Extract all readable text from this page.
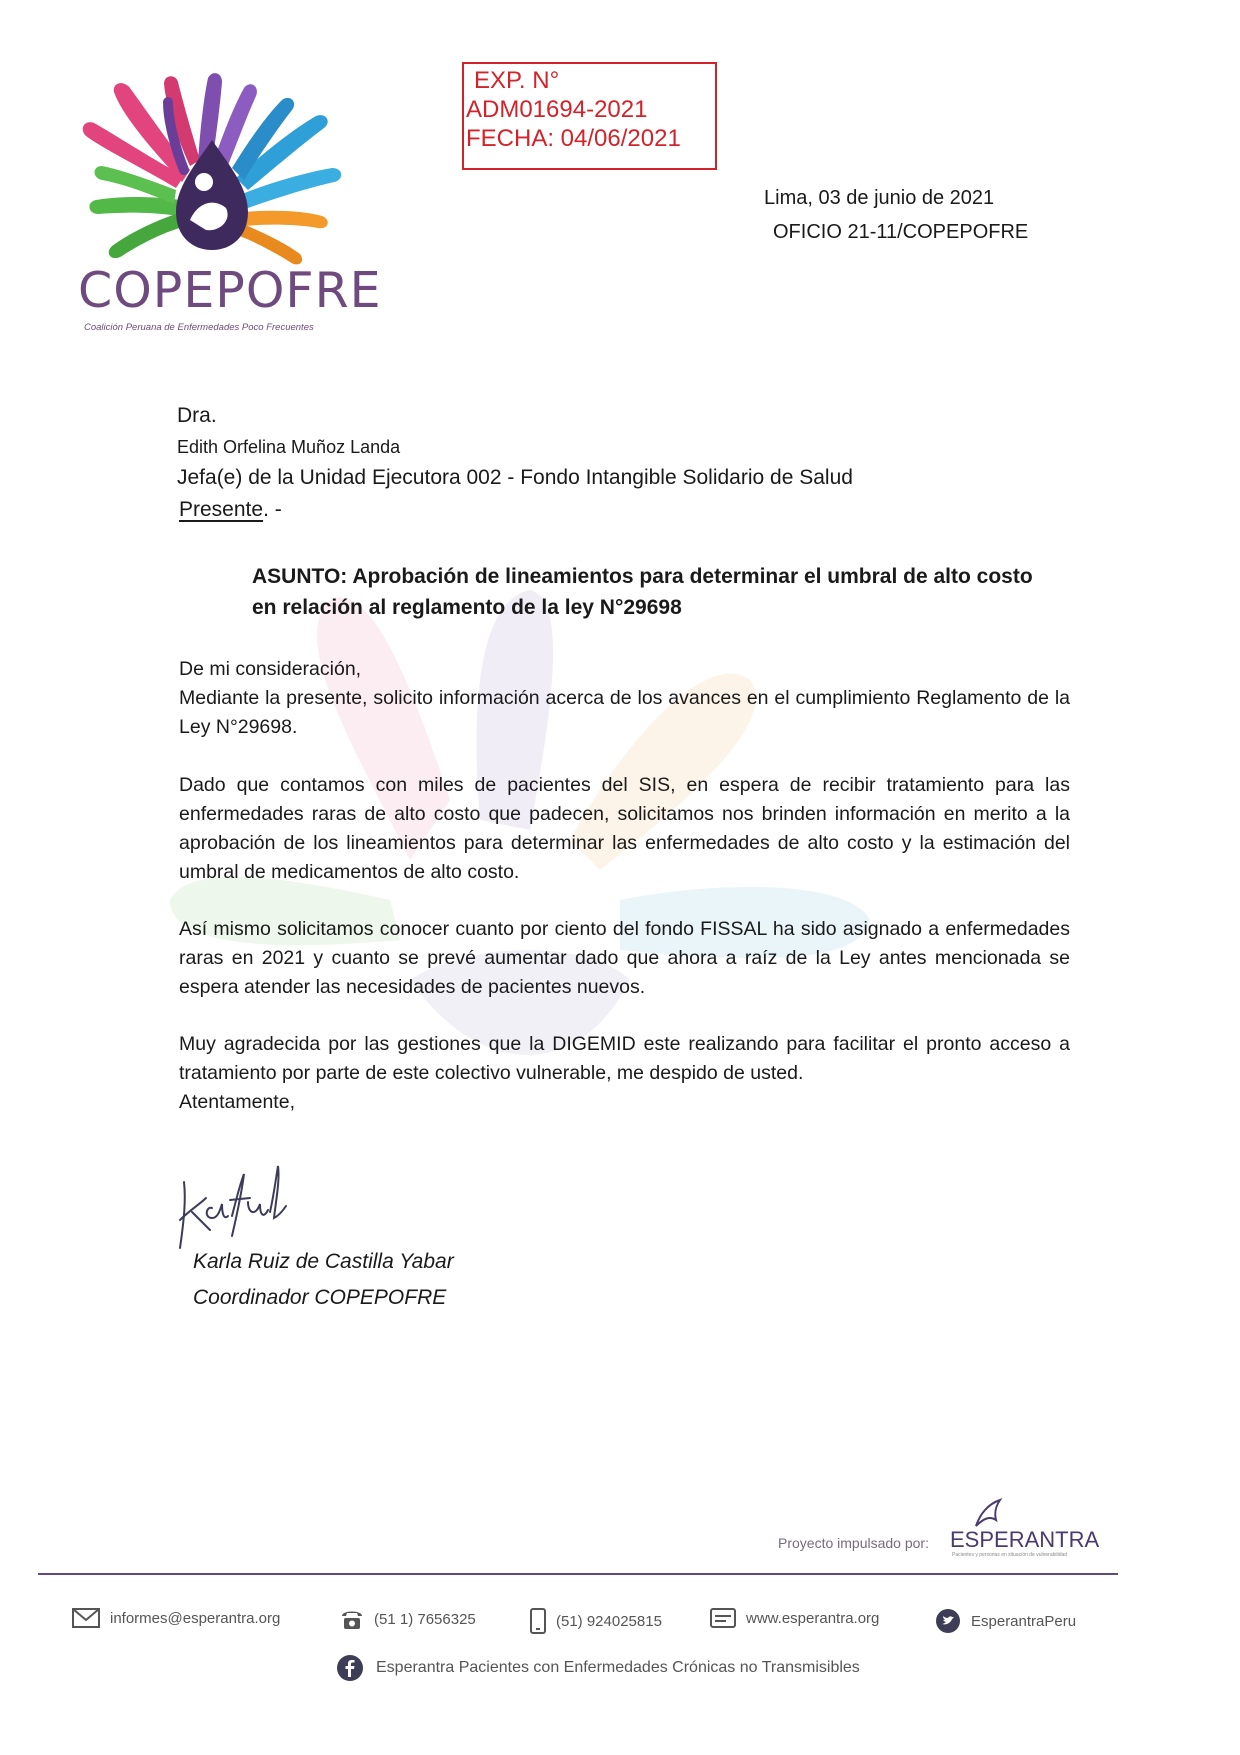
COPEPOFRE
Coalición Peruana de Enfermedades Poco Frecuentes
EXP. N°
ADM01694-2021
FECHA: 04/06/2021
Lima, 03 de junio de 2021
OFICIO 21-11/COPEPOFRE
Dra.
Edith Orfelina Muñoz Landa
Jefa(e) de la Unidad Ejecutora 002 - Fondo Intangible Solidario de Salud
Presente. -
ASUNTO: Aprobación de lineamientos para determinar el umbral de alto costo en relación al reglamento de la ley N°29698
De mi consideración,
Mediante la presente, solicito información acerca de los avances en el cumplimiento Reglamento de la Ley N°29698.
Dado que contamos con miles de pacientes del SIS, en espera de recibir tratamiento para las enfermedades raras de alto costo que padecen, solicitamos nos brinden información en merito a la aprobación de los lineamientos para determinar las enfermedades de alto costo y la estimación del umbral de medicamentos de alto costo.
Así mismo solicitamos conocer cuanto por ciento del fondo FISSAL ha sido asignado a enfermedades raras en 2021 y cuanto se prevé aumentar dado que ahora a raíz de la Ley antes mencionada se espera atender las necesidades de pacientes nuevos.
Muy agradecida por las gestiones que la DIGEMID este realizando para facilitar el pronto acceso a tratamiento por parte de este colectivo vulnerable, me despido de usted.
Atentamente,
Karla Ruiz de Castilla Yabar
Coordinador COPEPOFRE
Proyecto impulsado por: ESPERANTRA
Pacientes y personas en situación de vulnerabilidad
informes@esperantra.org	(51 1) 7656325	(51) 924025815	www.esperantra.org	EsperantraPeru
Esperantra Pacientes con Enfermedades Crónicas no Transmisibles
